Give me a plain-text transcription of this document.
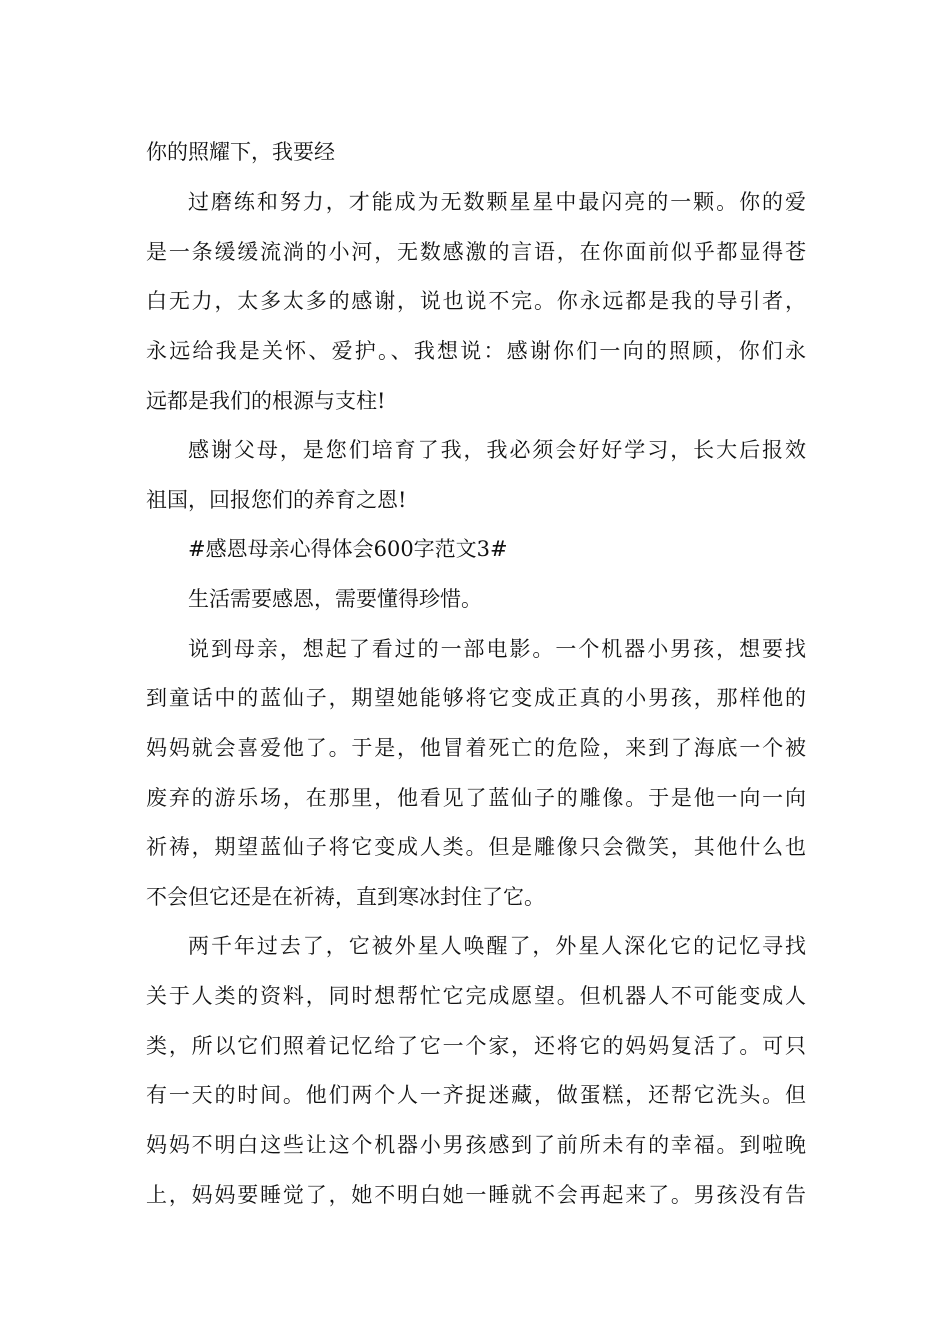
你的照耀下，我要经
过磨练和努力，才能成为无数颗星星中最闪亮的一颗。你的爱
是一条缓缓流淌的小河，无数感激的言语，在你面前似乎都显得苍
白无力，太多太多的感谢，说也说不完。你永远都是我的导引者，
永远给我是关怀、爱护。、我想说：感谢你们一向的照顾，你们永
远都是我们的根源与支柱!
感谢父母，是您们培育了我，我必须会好好学习，长大后报效
祖国，回报您们的养育之恩!
#感恩母亲心得体会600字范文3#
生活需要感恩，需要懂得珍惜。
说到母亲，想起了看过的一部电影。一个机器小男孩，想要找
到童话中的蓝仙子，期望她能够将它变成正真的小男孩，那样他的
妈妈就会喜爱他了。于是，他冒着死亡的危险，来到了海底一个被
废弃的游乐场，在那里，他看见了蓝仙子的雕像。于是他一向一向
祈祷，期望蓝仙子将它变成人类。但是雕像只会微笑，其他什么也
不会但它还是在祈祷，直到寒冰封住了它。
两千年过去了，它被外星人唤醒了，外星人深化它的记忆寻找
关于人类的资料，同时想帮忙它完成愿望。但机器人不可能变成人
类，所以它们照着记忆给了它一个家，还将它的妈妈复活了。可只
有一天的时间。他们两个人一齐捉迷藏，做蛋糕，还帮它洗头。但
妈妈不明白这些让这个机器小男孩感到了前所未有的幸福。到啦晚
上，妈妈要睡觉了，她不明白她一睡就不会再起来了。男孩没有告
